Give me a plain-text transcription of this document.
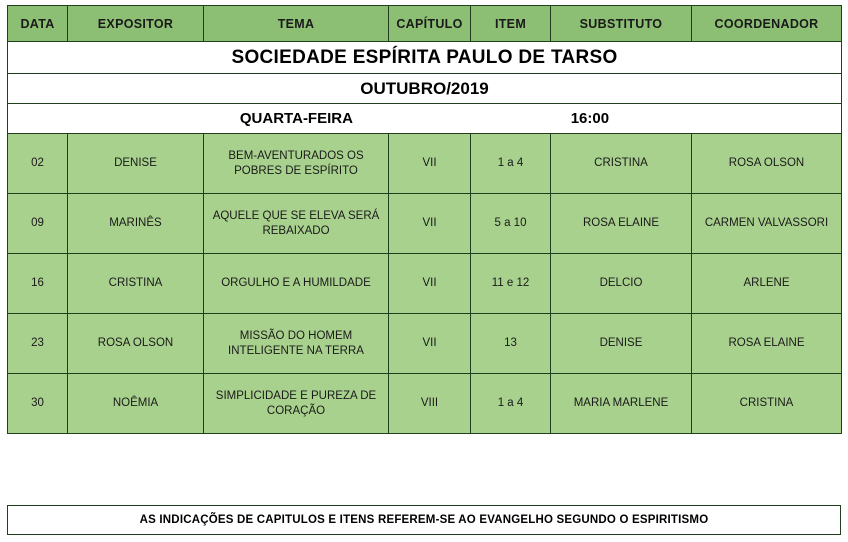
SOCIEDADE ESPÍRITA PAULO DE TARSO						
OUTUBRO/2019						

QUARTA-FEIRA 16:00						

DATA	EXPOSITOR	TEMA	CAPÍTULO	ITEM	SUBSTITUTO	COORDENADOR
02	DENISE	BEM-AVENTURADOS OS POBRES DE ESPÍRITO	VII	1 a 4	CRISTINA	ROSA OLSON
09	MARINÊS	AQUELE QUE SE ELEVA SERÁ REBAIXADO	VII	5 a 10	ROSA ELAINE	CARMEN VALVASSORI
16	CRISTINA	ORGULHO E A HUMILDADE	VII	11 e 12	DELCIO	ARLENE
23	ROSA OLSON	MISSÃO DO HOMEM INTELIGENTE NA TERRA	VII	13	DENISE	ROSA ELAINE
30	NOÊMIA	SIMPLICIDADE E PUREZA DE CORAÇÃO	VIII	1 a 4	MARIA MARLENE	CRISTINA
AS INDICAÇÕES DE CAPITULOS E ITENS REFEREM-SE AO EVANGELHO SEGUNDO O ESPIRITISMO
